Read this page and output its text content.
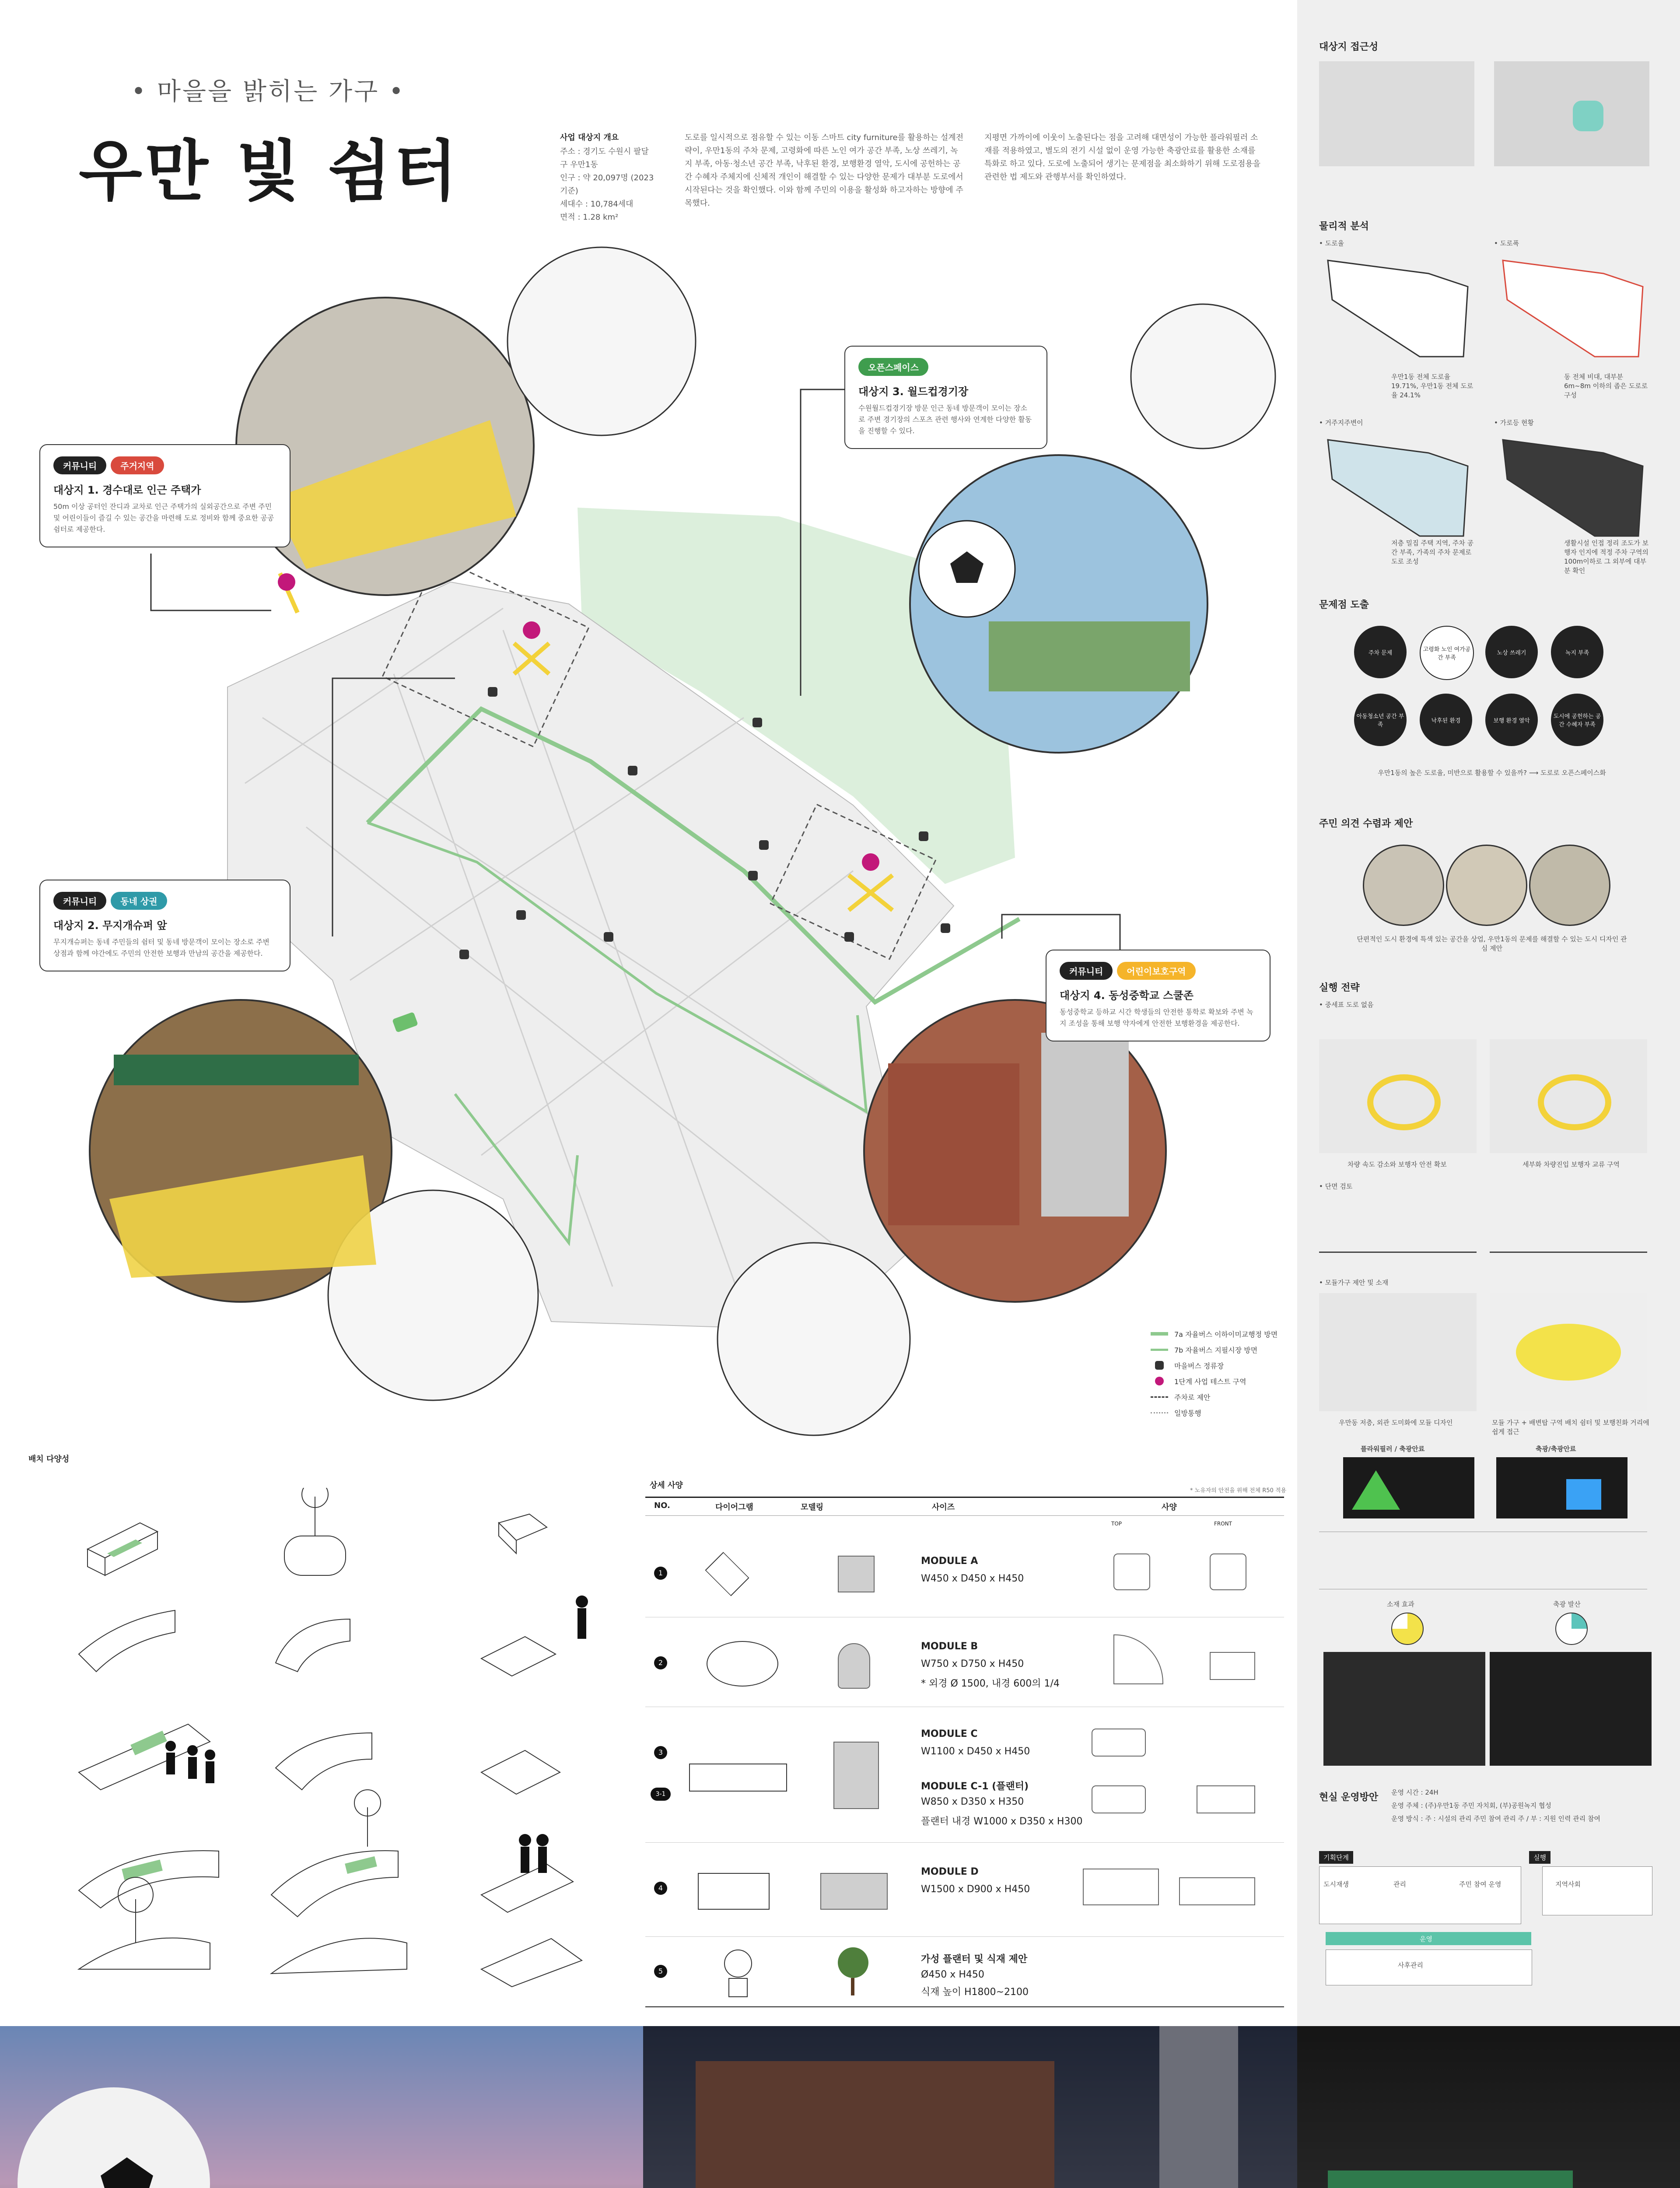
• 마을을 밝히는 가구 •
우만 빛 쉼터	사업 대상지 개요
주소 : 경기도 수원시 팔달구 우만1동
인구 : 약 20,097명 (2023기준)
세대수 : 10,784세대
면적 : 1.28 km²
도로를 일시적으로 점유할 수 있는 이동 스마트 city furniture를 활용하는 설계전략이, 우만1동의 주차 문제, 고령화에 따른 노인 여가 공간 부족, 노상 쓰레기, 녹지 부족, 아동·청소년 공간 부족, 낙후된 환경, 보행환경 열악, 도시에 공헌하는 공간 수혜자 주체지에 신체적 개인이 해결할 수 있는 다양한 문제가 대부분 도로에서 시작된다는 것을 확인했다. 이와 함께 주민의 이용을 활성화 하고자하는 방향에 주목했다.
지평면 가까이에 이웃이 노출된다는 점을 고려해 대면성이 가능한 플라워필러 소재를 적용하였고, 별도의 전기 시설 없이 운영 가능한 축광안료를 활용한 소재를 특화로 하고 있다. 도로에 노출되어 생기는 문제점을 최소화하기 위해 도로점용을 관련한 법 제도와 관행부서를 확인하였다.
커뮤니티	주거지역
대상지 1. 경수대로 인근 주택가

50m 이상 공터인 잔디과 교차로 인근 주택가의 실외공간으로 주변 주민 및 어린이들이 즐길 수 있는 공간을 마련해 도로 정비와 함께 중요한 공공 쉼터로 제공한다.

오픈스페이스
대상지 3. 월드컵경기장

수원월드컵경기장 방문 인근 동네 방문객이 모이는 장소로 주변 경기장의 스포츠 관련 행사와 연계한 다양한 활동을 진행할 수 있다.

커뮤니티	동네 상권
대상지 2. 무지개슈퍼 앞

무지개슈퍼는 동네 주민들의 쉼터 및 동네 방문객이 모이는 장소로 주변 상점과 함께 야간에도 주민의 안전한 보행과 만남의 공간을 제공한다.

커뮤니티	어린이보호구역
대상지 4. 동성중학교 스쿨존

동성중학교 등하교 시간 학생들의 안전한 통학로 확보와 주변 녹지 조성을 통해 보행 약자에게 안전한 보행환경을 제공한다.

7a 자율버스 이하이미교행정 방면
7b 자율버스 지필시장 방면
마을버스 정류장
1단계 사업 테스트 구역
주차로 제안
일방통행
배치 다양성
상세 사양
* 노유자의 안전을 위해 전체 R50 적용
NO.	다이어그램	모델링	사이즈	사양
TOP	FRONT
1
MODULE A
W450 x D450 x H450
2
MODULE B
W750 x D750 x H450
* 외경 Ø 1500, 내경 600의 1/4
3
3-1
MODULE C
W1100 x D450 x H450
MODULE C-1 (플랜터)
W850 x D350 x H350
플랜터 내경 W1000 x D350 x H300
4
MODULE D
W1500 x D900 x H450
5
가성 플랜터 및 식재 제안
Ø450 x H450
식재 높이 H1800~2100
대상지 접근성
물리적 분석
• 도로율	• 도로폭
우만1동 전체 도로율 19.71%, 우만1동 전체 도로율 24.1%
동 전체 비대, 대부분 6m~8m 이하의 좁은 도로로 구성
• 거주지주변이	• 가로등 현황
저층 밀집 주택 지역, 주차 공간 부족, 가족의 주차 문제로 도로 조성
생활시설 인접 정리 조도가 보행자 인지에 적정 주차 구역의 100m이하로 그 외부에 대부분 확인
문제점 도출
주차 문제	고령화 노인 여가공간 부족
노상 쓰레기	녹지 부족
아동청소년 공간 부족
낙후된 환경	보행 환경 열악
도시에 공헌하는 공간 수혜자 부족
우만1동의 높은 도로율, 미반으로 활용할 수 있을까? ⟶ 도로로 오픈스페이스화
주민 의견 수렴과 제안
단편적인 도시 환경에 특색 있는 공간을 상업, 우만1동의 문제를 해결할 수 있는 도시 디자인 관심 제안
실행 전략
• 중세표 도로 없음
차량 속도 감소와 보행자 안전 확보	세부화 차량진입 보행자 교류 구역
• 단면 검토
• 모듈가구 제안 및 소재
우만동 저층, 외관 도미화에 모듈 디자인	모듈 가구 + 배변탑 구역 배치 쉼터 및 보행친화 거리에 쉽게 접근
플라워필러 / 축광안료	축광/축광안료
소재 효과	축광 발산
현실 운영방안 운영 시간 : 24H
운영 주체 : (주)우만1동 주민 자치회, (부)공원녹지 협성
운영 방식 : 주 : 시설의 관리 주민 참여 관리 주 / 부 : 지원 인력 관리 참여
기획단계	실행
도시재생	관리	주민 참여 운영	지역사회
운영
사후관리
